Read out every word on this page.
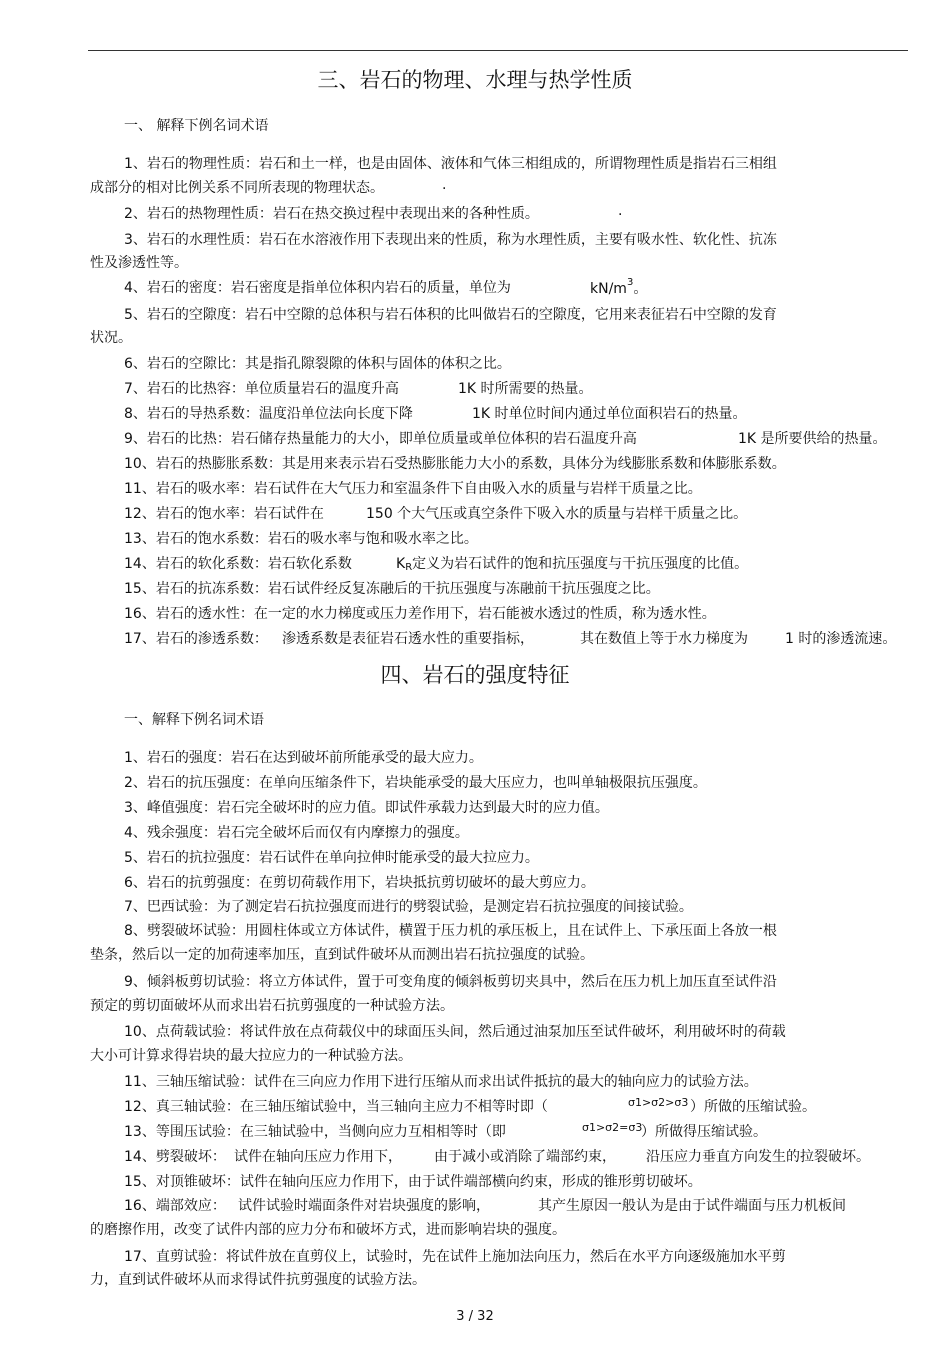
三、岩石的物理、水理与热学性质
一、 解释下例名词术语
1、岩石的物理性质：岩石和土一样，也是由固体、液体和气体三相组成的，所谓物理性质是指岩石三相组
成部分的相对比例关系不同所表现的物理状态。	.
2、岩石的热物理性质：岩石在热交换过程中表现出来的各种性质。	.
3、岩石的水理性质：岩石在水溶液作用下表现出来的性质，称为水理性质，主要有吸水性、软化性、抗冻
性及渗透性等。
4、岩石的密度：岩石密度是指单位体积内岩石的质量，单位为	$kN/m^3$。
5、岩石的空隙度：岩石中空隙的总体积与岩石体积的比叫做岩石的空隙度，它用来表征岩石中空隙的发育
状况。
6、岩石的空隙比：其是指孔隙裂隙的体积与固体的体积之比。
7、岩石的比热容：单位质量岩石的温度升高	1K 时所需要的热量。
8、岩石的导热系数：温度沿单位法向长度下降	1K 时单位时间内通过单位面积岩石的热量。
9、岩石的比热：岩石储存热量能力的大小，即单位质量或单位体积的岩石温度升高	1K 是所要供给的热量。
10、岩石的热膨胀系数：其是用来表示岩石受热膨胀能力大小的系数，具体分为线膨胀系数和体膨胀系数。
11、岩石的吸水率：岩石试件在大气压力和室温条件下自由吸入水的质量与岩样干质量之比。
12、岩石的饱水率：岩石试件在	150 个大气压或真空条件下吸入水的质量与岩样干质量之比。
13、岩石的饱水系数：岩石的吸水率与饱和吸水率之比。
14、岩石的软化系数：岩石软化系数	$K_R$定义为岩石试件的饱和抗压强度与干抗压强度的比值。
15、岩石的抗冻系数：岩石试件经反复冻融后的干抗压强度与冻融前干抗压强度之比。
16、岩石的透水性：在一定的水力梯度或压力差作用下，岩石能被水透过的性质，称为透水性。
17、岩石的渗透系数： 渗透系数是表征岩石透水性的重要指标，	其在数值上等于水力梯度为	1 时的渗透流速。
四、岩石的强度特征
一、解释下例名词术语
1、岩石的强度：岩石在达到破坏前所能承受的最大应力。
2、岩石的抗压强度：在单向压缩条件下，岩块能承受的最大压应力，也叫单轴极限抗压强度。
3、峰值强度：岩石完全破坏时的应力值。即试件承载力达到最大时的应力值。
4、残余强度：岩石完全破坏后而仅有内摩擦力的强度。
5、岩石的抗拉强度：岩石试件在单向拉伸时能承受的最大拉应力。
6、岩石的抗剪强度：在剪切荷载作用下，岩块抵抗剪切破坏的最大剪应力。
7、巴西试验：为了测定岩石抗拉强度而进行的劈裂试验，是测定岩石抗拉强度的间接试验。
8、劈裂破坏试验：用圆柱体或立方体试件，横置于压力机的承压板上，且在试件上、下承压面上各放一根
垫条，然后以一定的加荷速率加压，直到试件破坏从而测出岩石抗拉强度的试验。
9、倾斜板剪切试验：将立方体试件，置于可变角度的倾斜板剪切夹具中，然后在压力机上加压直至试件沿
预定的剪切面破坏从而求出岩石抗剪强度的一种试验方法。
10、点荷载试验：将试件放在点荷载仪中的球面压头间，然后通过油泵加压至试件破坏，利用破坏时的荷载
大小可计算求得岩块的最大拉应力的一种试验方法。
11、三轴压缩试验：试件在三向应力作用下进行压缩从而求出试件抵抗的最大的轴向应力的试验方法。
12、真三轴试验：在三轴压缩试验中，当三轴向主应力不相等时即（	σ1>σ2>σ3 ）所做的压缩试验。
13、等围压试验：在三轴试验中，当侧向应力互相相等时（即	σ1>σ2=σ3
）所做得压缩试验。
14、劈裂破坏： 试件在轴向压应力作用下， 由于减小或消除了端部约束， 沿压应力垂直方向发生的拉裂破坏。
15、对顶锥破坏：试件在轴向压应力作用下，由于试件端部横向约束，形成的锥形剪切破坏。
16、端部效应： 试件试验时端面条件对岩块强度的影响，	其产生原因一般认为是由于试件端面与压力机板间
的磨擦作用，改变了试件内部的应力分布和破坏方式，进而影响岩块的强度。
17、直剪试验：将试件放在直剪仪上，试验时，先在试件上施加法向压力，然后在水平方向逐级施加水平剪
力，直到试件破坏从而求得试件抗剪强度的试验方法。
3 / 32
